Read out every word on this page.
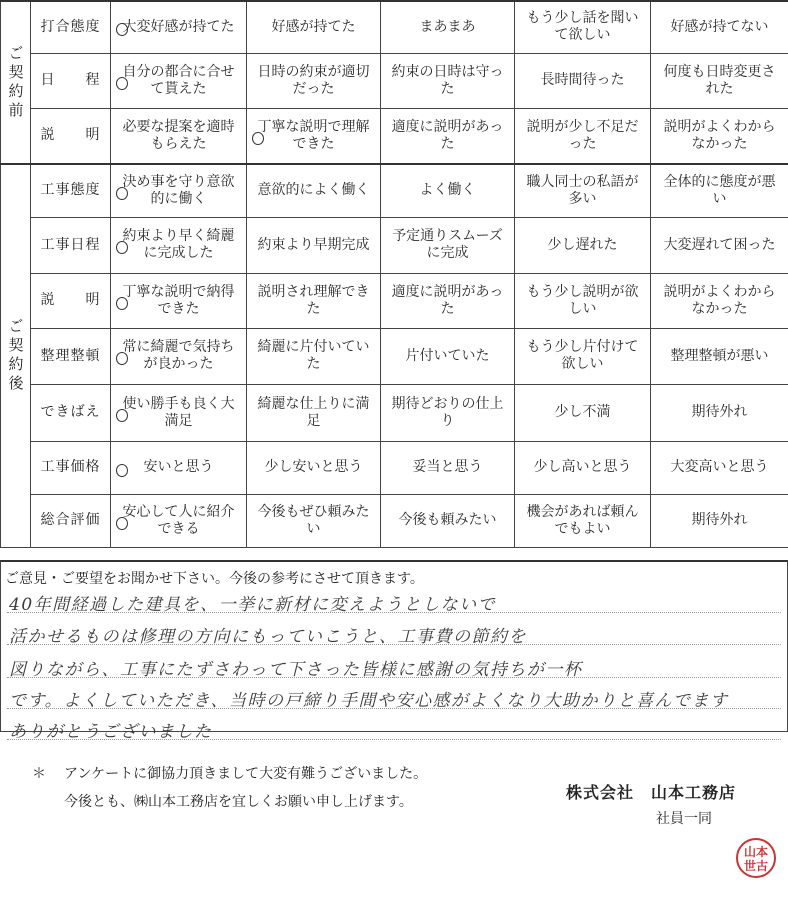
ご契約前	打合態度	大変好感が持てた	好感が持てた	まあまあ	もう少し話を聞いて欲しい	好感が持てない
	日　　程	自分の都合に合せて貰えた	日時の約束が適切だった	約束の日時は守った	長時間待った	何度も日時変更された
	説　　明	必要な提案を適時もらえた	丁寧な説明で理解できた	適度に説明があった	説明が少し不足だった	説明がよくわからなかった

ご契約後	工事態度	決め事を守り意欲的に働く	意欲的によく働く	よく働く	職人同士の私語が多い	全体的に態度が悪い
	工事日程	約束より早く綺麗に完成した	約束より早期完成	予定通りスムーズに完成	少し遅れた	大変遅れて困った
	説　　明	丁寧な説明で納得できた	説明され理解できた	適度に説明があった	もう少し説明が欲しい	説明がよくわからなかった
	整理整頓	常に綺麗で気持ちが良かった	綺麗に片付いていた	片付いていた	もう少し片付けて欲しい	整理整頓が悪い
	できばえ	使い勝手も良く大満足	綺麗な仕上りに満足	期待どおりの仕上り	少し不満	期待外れ
	工事価格	安いと思う	少し安いと思う	妥当と思う	少し高いと思う	大変高いと思う
	総合評価	安心して人に紹介できる	今後もぜひ頼みたい	今後も頼みたい	機会があれば頼んでもよい	期待外れ
ご意見・ご要望をお聞かせ下さい。今後の参考にさせて頂きます。
40年間経過した建具を、一挙に新材に変えようとしないで
活かせるものは修理の方向にもっていこうと、工事費の節約を
図りながら、工事にたずさわって下さった皆様に感謝の気持ちが一杯
です。よくしていただき、当時の戸締り手間や安心感がよくなり大助かりと喜んでます
ありがとうございました
＊ アンケートに御協力頂きまして大変有難うございました。
今後とも、㈱山本工務店を宜しくお願い申し上げます。	株式会社　山本工務店
社員一同
山本
世古
